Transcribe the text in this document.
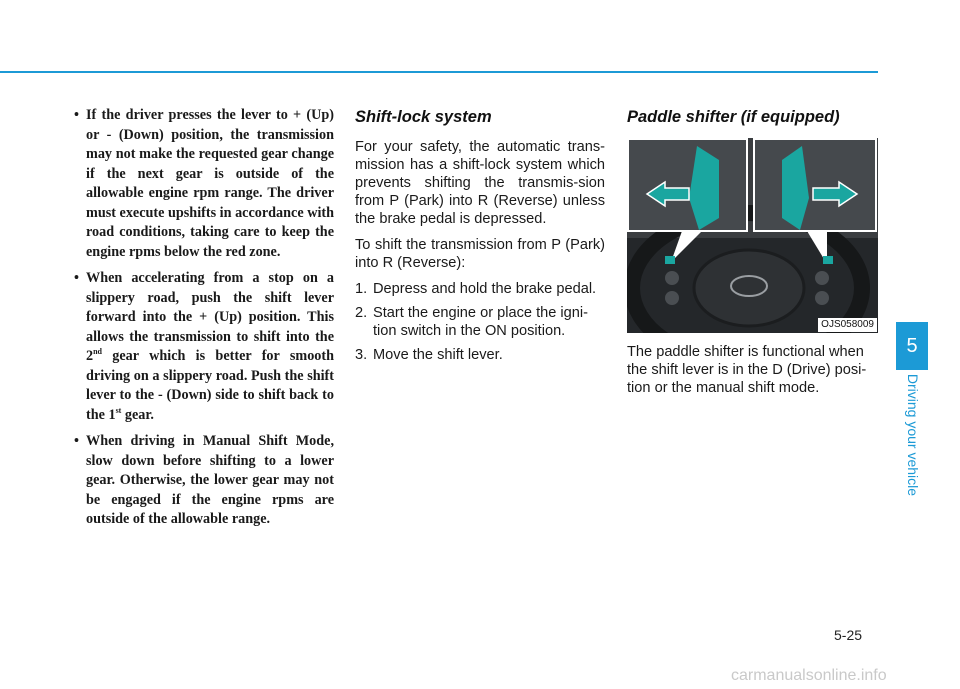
• If the driver presses the lever to + (Up) or - (Down) position, the transmission may not make the requested gear change if the next gear is outside of the allowable engine rpm range. The driver must execute upshifts in accordance with road conditions, taking care to keep the engine rpms below the red zone.
• When accelerating from a stop on a slippery road, push the shift lever forward into the + (Up) position. This allows the transmission to shift into the 2nd gear which is better for smooth driving on a slippery road. Push the shift lever to the - (Down) side to shift back to the 1st gear.
• When driving in Manual Shift Mode, slow down before shifting to a lower gear. Otherwise, the lower gear may not be engaged if the engine rpms are outside of the allowable range.
Shift-lock system

For your safety, the automatic trans-mission has a shift-lock system which prevents shifting the transmis-sion from P (Park) into R (Reverse) unless the brake pedal is depressed.

To shift the transmission from P (Park) into R (Reverse):

1. Depress and hold the brake pedal.
2. Start the engine or place the igni-tion switch in the ON position.
3. Move the shift lever.
Paddle shifter (if equipped)
OJS058009

The paddle shifter is functional when the shift lever is in the D (Drive) posi-tion or the manual shift mode.

5
Driving your vehicle
5-25
carmanualsonline.info
